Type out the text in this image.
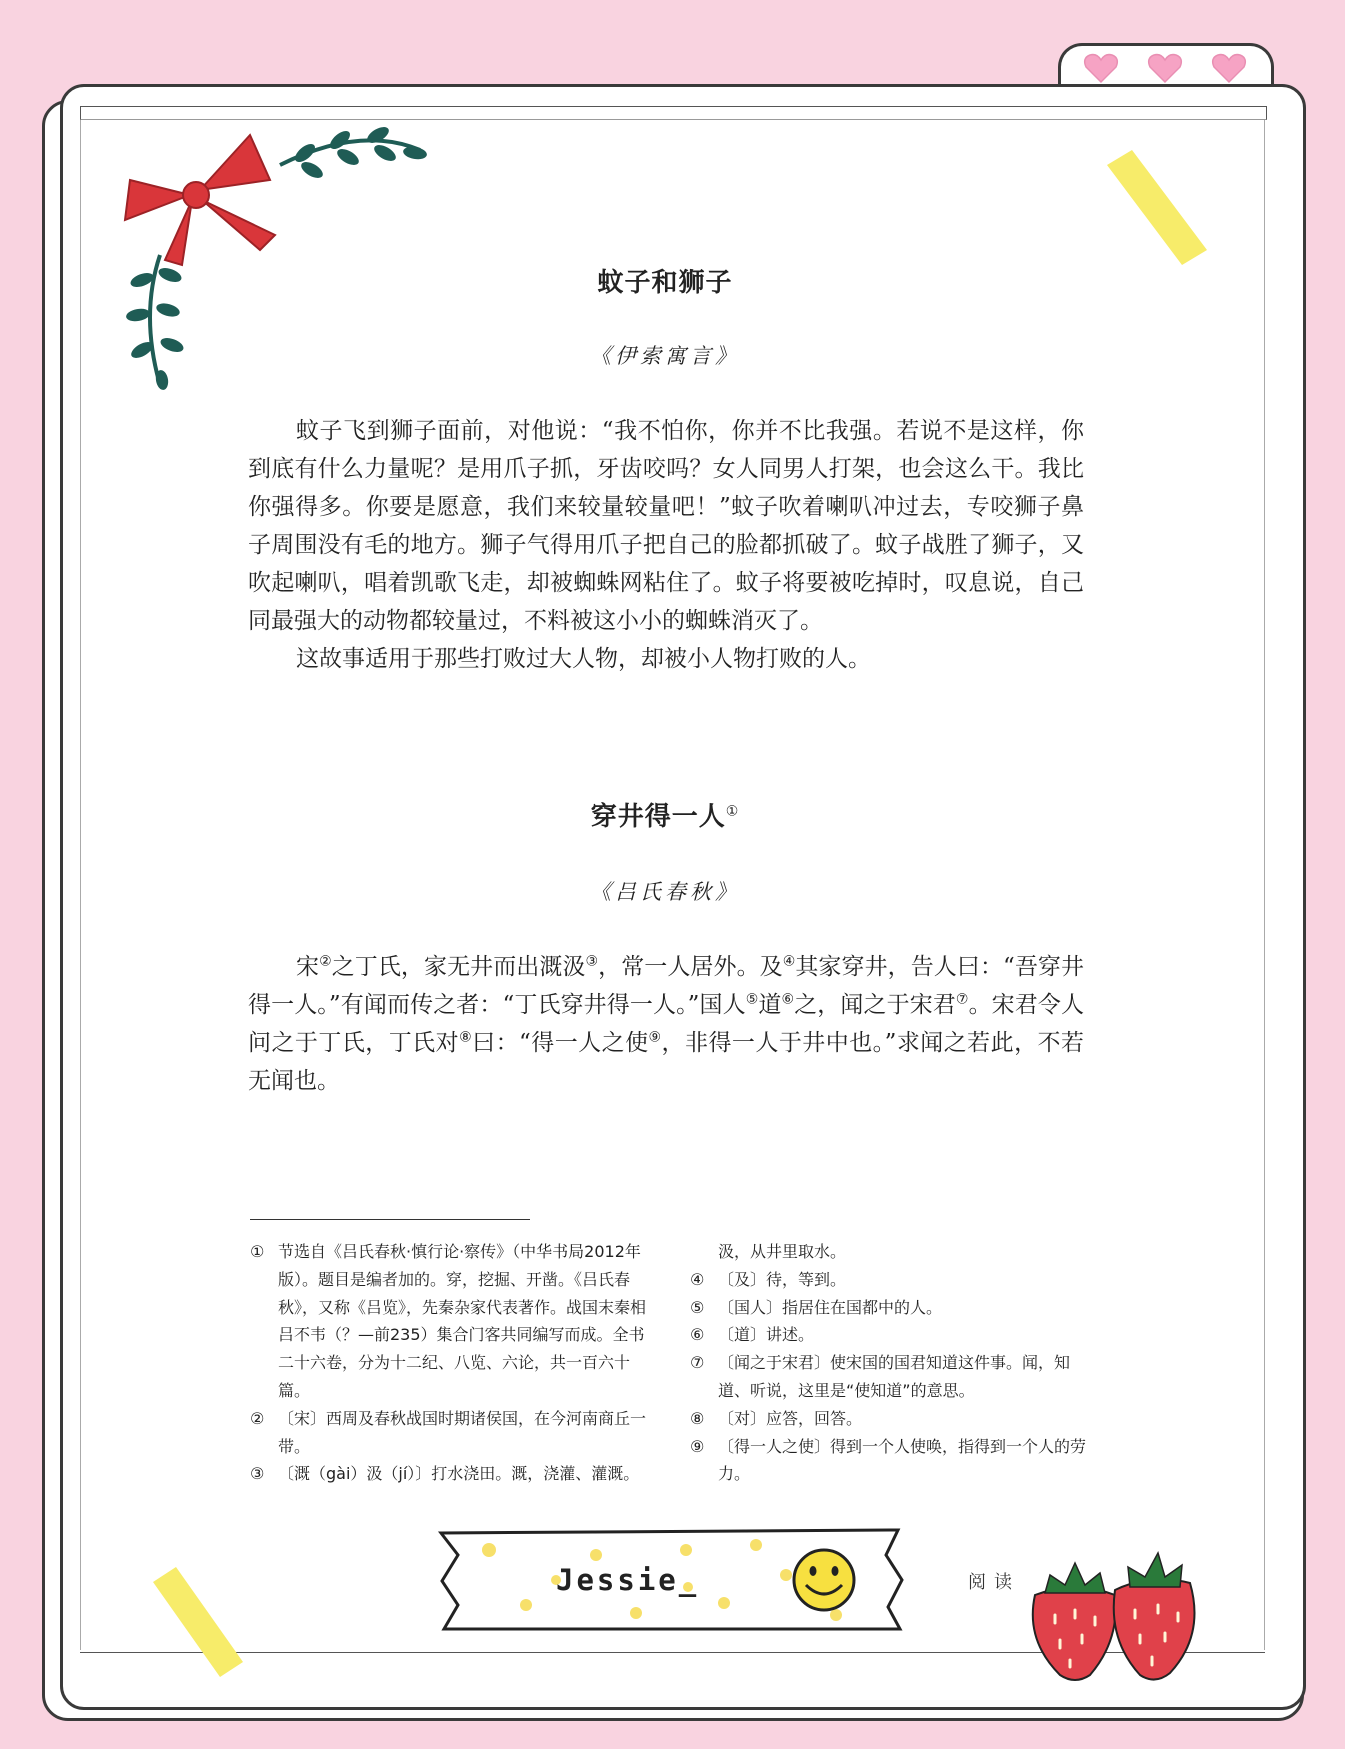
Jessie_
蚊子和狮子
《伊索寓言》

蚊子飞到狮子面前，对他说：“我不怕你，你并不比我强。若说不是这样，你到底有什么力量呢？是用爪子抓，牙齿咬吗？女人同男人打架，也会这么干。我比你强得多。你要是愿意，我们来较量较量吧！”蚊子吹着喇叭冲过去，专咬狮子鼻子周围没有毛的地方。狮子气得用爪子把自己的脸都抓破了。蚊子战胜了狮子，又吹起喇叭，唱着凯歌飞走，却被蜘蛛网粘住了。蚊子将要被吃掉时，叹息说，自己同最强大的动物都较量过，不料被这小小的蜘蛛消灭了。

这故事适用于那些打败过大人物，却被小人物打败的人。

穿井得一人①
《吕氏春秋》

宋②之丁氏，家无井而出溉汲③，常一人居外。及④其家穿井，告人曰：“吾穿井得一人。”有闻而传之者：“丁氏穿井得一人。”国人⑤道⑥之，闻之于宋君⑦。宋君令人问之于丁氏，丁氏对⑧曰：“得一人之使⑨，非得一人于井中也。”求闻之若此，不若无闻也。

① 节选自《吕氏春秋·慎行论·察传》（中华书局2012年版）。题目是编者加的。穿，挖掘、开凿。《吕氏春秋》，又称《吕览》，先秦杂家代表著作。战国末秦相吕不韦（？—前235）集合门客共同编写而成。全书二十六卷，分为十二纪、八览、六论，共一百六十篇。
② 〔宋〕西周及春秋战国时期诸侯国，在今河南商丘一带。
③ 〔溉（gài）汲（jí）〕打水浇田。溉，浇灌、灌溉。
汲，从井里取水。
④ 〔及〕待，等到。
⑤ 〔国人〕指居住在国都中的人。
⑥ 〔道〕讲述。
⑦ 〔闻之于宋君〕使宋国的国君知道这件事。闻，知道、听说，这里是“使知道”的意思。
⑧ 〔对〕应答，回答。
⑨ 〔得一人之使〕得到一个人使唤，指得到一个人的劳力。
阅读
